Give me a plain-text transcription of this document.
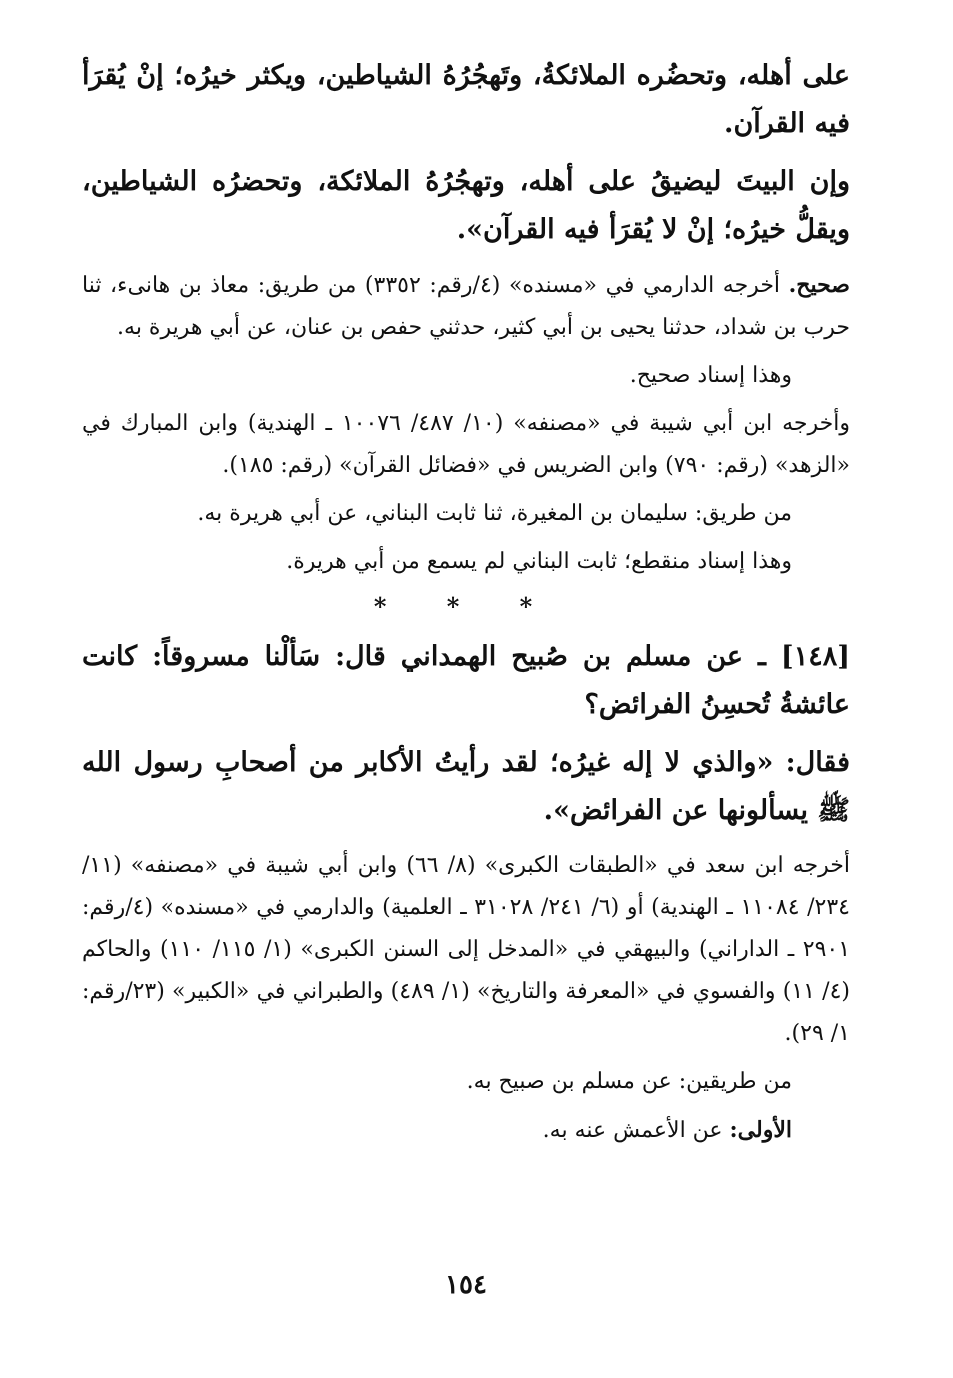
على أهله، وتحضُره الملائكةُ، وتَهجُرُهُ الشياطين، ويكثر خيرُه؛ إنْ يُقرَأ فيه القرآن.

وإن البيتَ ليضيقُ على أهله، وتهجُرُهُ الملائكة، وتحضرُه الشياطين، ويقلُّ خيرُه؛ إنْ لا يُقرَأ فيه القرآن».

صحيح. أخرجه الدارمي في «مسنده» (٤/رقم: ٣٣٥٢) من طريق: معاذ بن هانىء، ثنا حرب بن شداد، حدثنا يحيى بن أبي كثير، حدثني حفص بن عنان، عن أبي هريرة به.

وهذا إسناد صحيح.

وأخرجه ابن أبي شيبة في «مصنفه» (١٠/ ٤٨٧/ ١٠٠٧٦ ـ الهندية) وابن المبارك في «الزهد» (رقم: ٧٩٠) وابن الضريس في «فضائل القرآن» (رقم: ١٨٥).

من طريق: سليمان بن المغيرة، ثنا ثابت البناني، عن أبي هريرة به.

وهذا إسناد منقطع؛ ثابت البناني لم يسمع من أبي هريرة.

* * *

[١٤٨] ـ عن مسلم بن صُبيح الهمداني قال: سَألْنا مسروقاً: كانت عائشةُ تُحسِنُ الفرائض؟

فقال: «والذي لا إله غيرُه؛ لقد رأيتُ الأكابر من أصحابِ رسول الله ﷺ يسألونها عن الفرائض».

أخرجه ابن سعد في «الطبقات الكبرى» (٨/ ٦٦) وابن أبي شيبة في «مصنفه» (١١/ ٢٣٤/ ١١٠٨٤ ـ الهندية) أو (٦/ ٢٤١/ ٣١٠٢٨ ـ العلمية) والدارمي في «مسنده» (٤/رقم: ٢٩٠١ ـ الداراني) والبيهقي في «المدخل إلى السنن الكبرى» (١/ ١١٥/ ١١٠) والحاكم (٤/ ١١) والفسوي في «المعرفة والتاريخ» (١/ ٤٨٩) والطبراني في «الكبير» (٢٣/رقم: ١/ ٢٩).

من طريقين: عن مسلم بن صبيح به.

الأولى: عن الأعمش عنه به.

١٥٤
